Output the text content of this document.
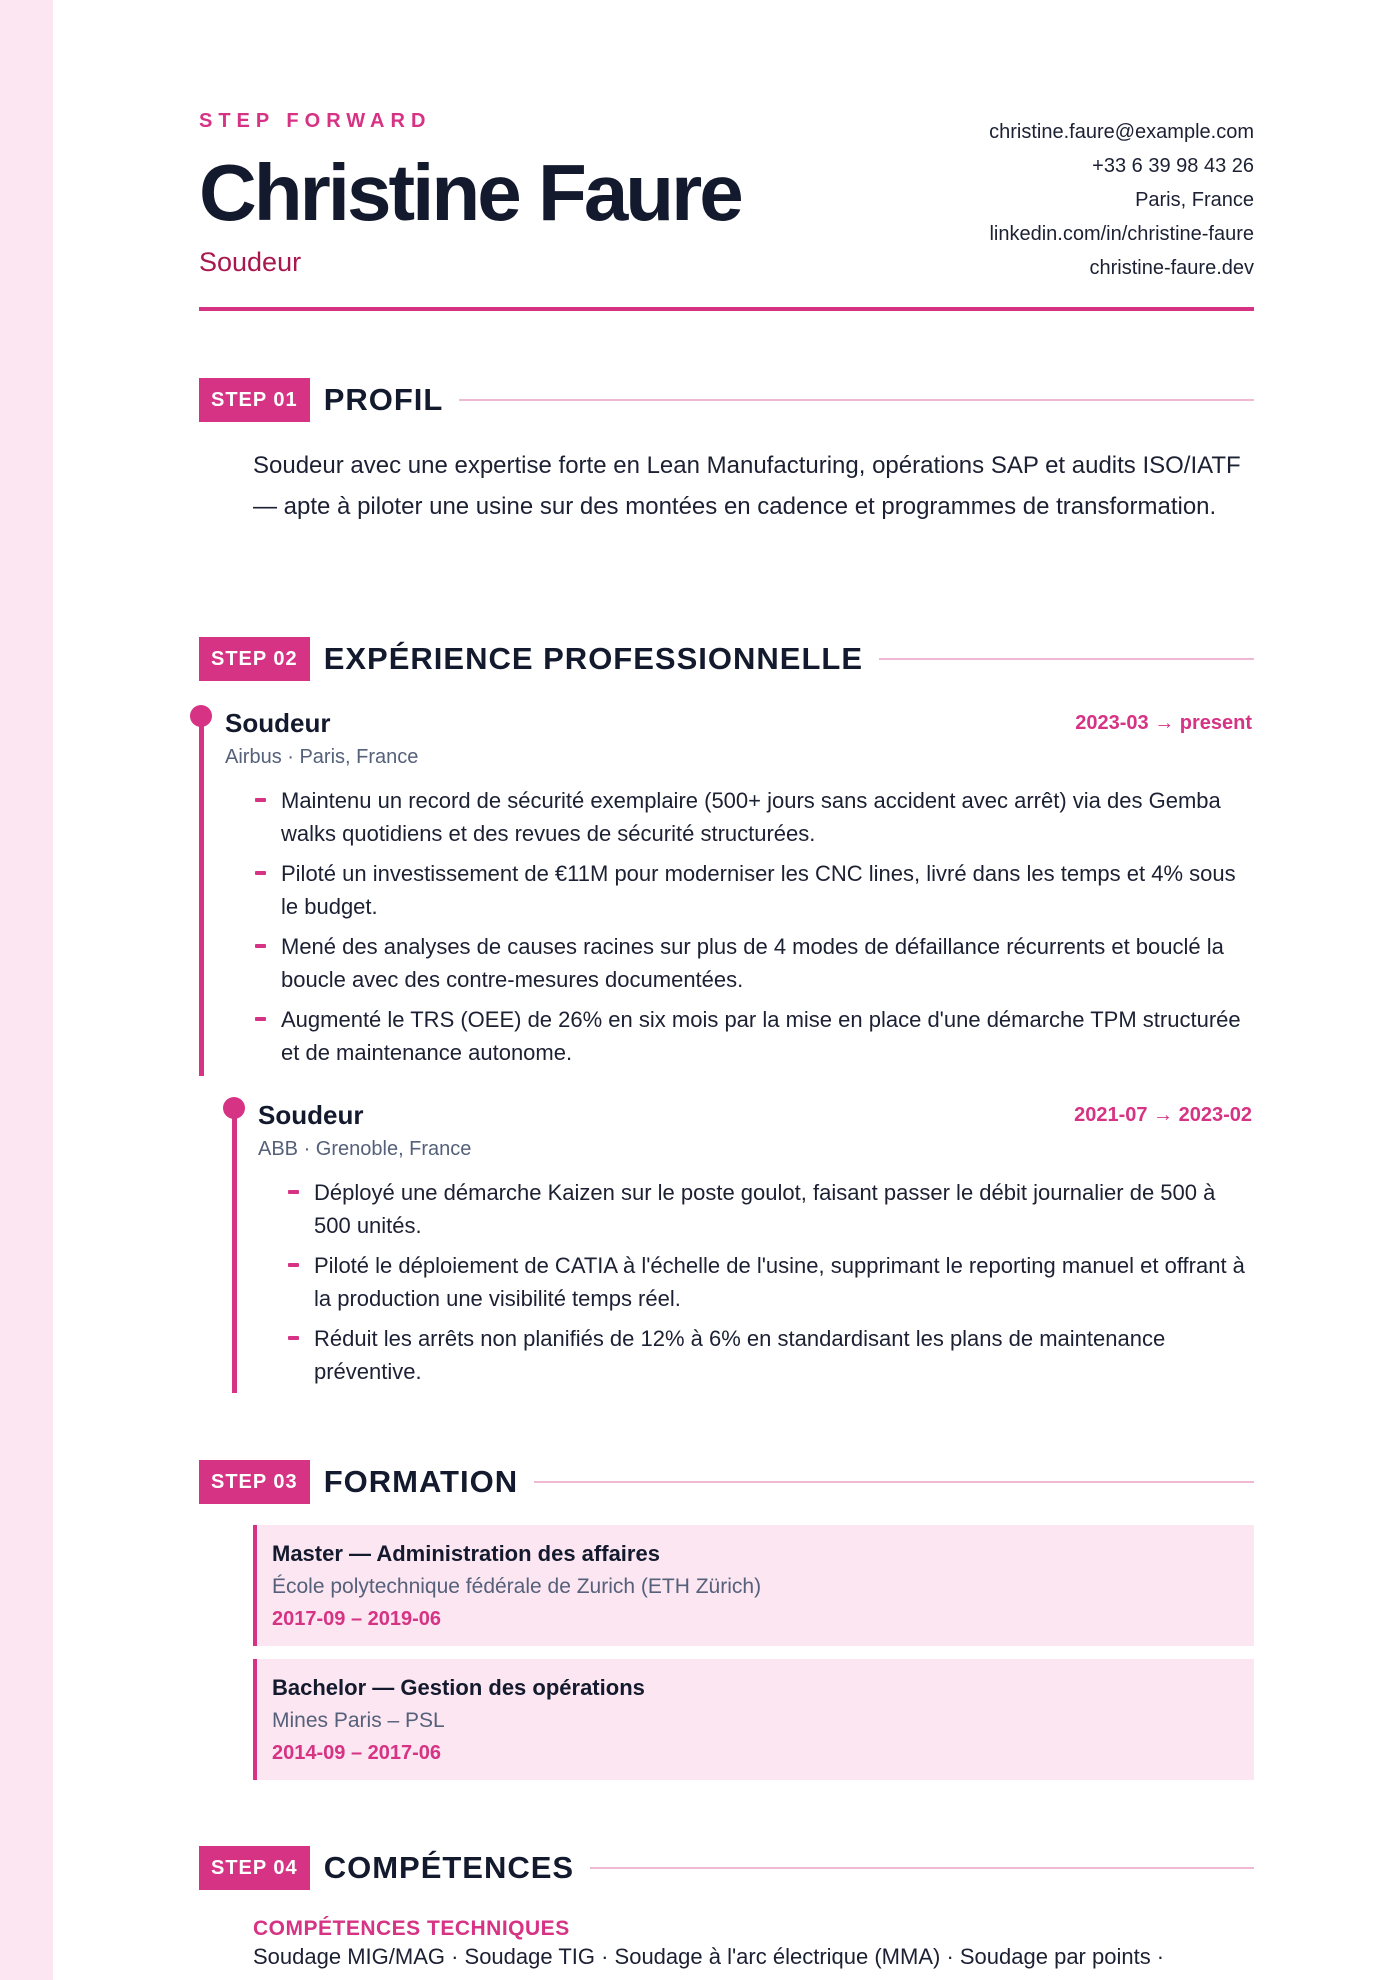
STEP FORWARD
Christine Faure
Soudeur
christine.faure@example.com
+33 6 39 98 43 26
Paris, France
linkedin.com/in/christine-faure
christine-faure.dev
STEP 01 PROFIL
Soudeur avec une expertise forte en Lean Manufacturing, opérations SAP et audits ISO/IATF — apte à piloter une usine sur des montées en cadence et programmes de transformation.
STEP 02 EXPÉRIENCE PROFESSIONNELLE
Soudeur	2023-03 → present
Airbus · Paris, France
Maintenu un record de sécurité exemplaire (500+ jours sans accident avec arrêt) via des Gemba walks quotidiens et des revues de sécurité structurées.
Piloté un investissement de €11M pour moderniser les CNC lines, livré dans les temps et 4% sous le budget.
Mené des analyses de causes racines sur plus de 4 modes de défaillance récurrents et bouclé la boucle avec des contre-mesures documentées.
Augmenté le TRS (OEE) de 26% en six mois par la mise en place d'une démarche TPM structurée et de maintenance autonome.
Soudeur	2021-07 → 2023-02
ABB · Grenoble, France
Déployé une démarche Kaizen sur le poste goulot, faisant passer le débit journalier de 500 à 500 unités.
Piloté le déploiement de CATIA à l'échelle de l'usine, supprimant le reporting manuel et offrant à la production une visibilité temps réel.
Réduit les arrêts non planifiés de 12% à 6% en standardisant les plans de maintenance préventive.
STEP 03 FORMATION
Master — Administration des affaires
École polytechnique fédérale de Zurich (ETH Zürich)
2017-09 – 2019-06
Bachelor — Gestion des opérations
Mines Paris – PSL
2014-09 – 2017-06
STEP 04 COMPÉTENCES
COMPÉTENCES TECHNIQUES
Soudage MIG/MAG · Soudage TIG · Soudage à l'arc électrique (MMA) · Soudage par points ·
